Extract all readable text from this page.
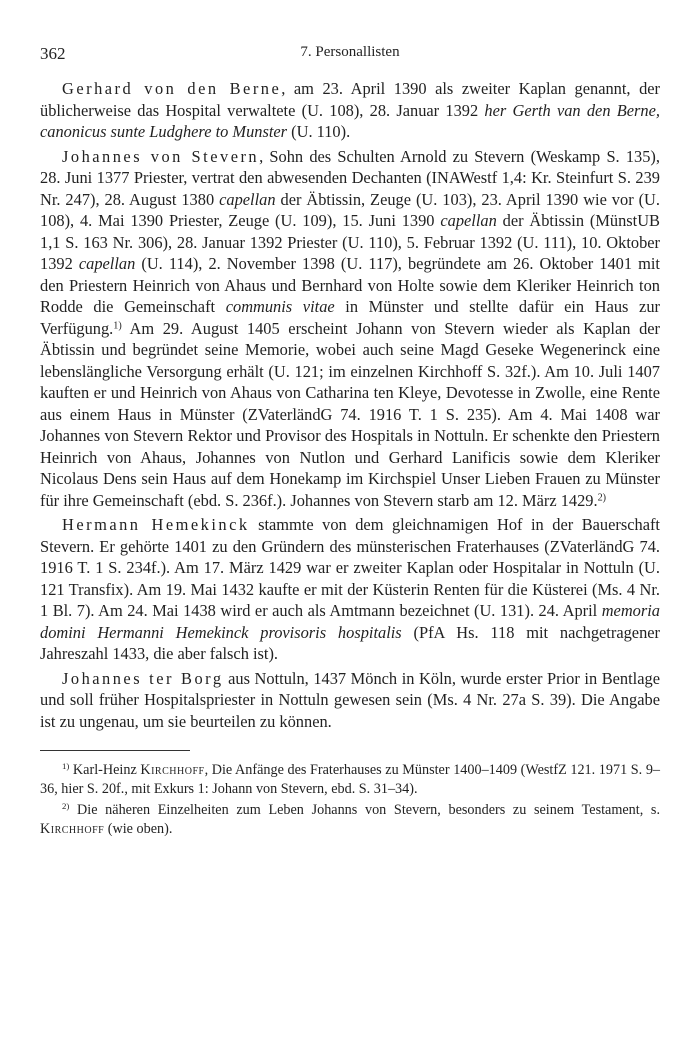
362	7. Personallisten

Gerhard von den Berne, am 23. April 1390 als zweiter Kaplan genannt, der üblicherweise das Hospital verwaltete (U. 108), 28. Januar 1392 her Gerth van den Berne, canonicus sunte Ludghere to Munster (U. 110).

Johannes von Stevern, Sohn des Schulten Arnold zu Stevern (Weskamp S. 135), 28. Juni 1377 Priester, vertrat den abwesenden Dechanten (INAWestf 1,4: Kr. Steinfurt S. 239 Nr. 247), 28. August 1380 capellan der Äbtissin, Zeuge (U. 103), 23. April 1390 wie vor (U. 108), 4. Mai 1390 Priester, Zeuge (U. 109), 15. Juni 1390 capellan der Äbtissin (MünstUB 1,1 S. 163 Nr. 306), 28. Januar 1392 Priester (U. 110), 5. Februar 1392 (U. 111), 10. Oktober 1392 capellan (U. 114), 2. November 1398 (U. 117), begründete am 26. Oktober 1401 mit den Priestern Heinrich von Ahaus und Bernhard von Holte sowie dem Kleriker Heinrich ton Rodde die Gemeinschaft communis vitae in Münster und stellte dafür ein Haus zur Verfügung.$^{1)}$ Am 29. August 1405 erscheint Johann von Stevern wieder als Kaplan der Äbtissin und begründet seine Memorie, wobei auch seine Magd Geseke Wegenerinck eine lebenslängliche Versorgung erhält (U. 121; im einzelnen Kirchhoff S. 32f.). Am 10. Juli 1407 kauften er und Heinrich von Ahaus von Catharina ten Kleye, Devotesse in Zwolle, eine Rente aus einem Haus in Münster (ZVaterländG 74. 1916 T. 1 S. 235). Am 4. Mai 1408 war Johannes von Stevern Rektor und Provisor des Hospitals in Nottuln. Er schenkte den Priestern Heinrich von Ahaus, Johannes von Nutlon und Gerhard Lanificis sowie dem Kleriker Nicolaus Dens sein Haus auf dem Honekamp im Kirchspiel Unser Lieben Frauen zu Münster für ihre Gemeinschaft (ebd. S. 236f.). Johannes von Stevern starb am 12. März 1429.$^{2)}$

Hermann Hemekinck stammte von dem gleichnamigen Hof in der Bauerschaft Stevern. Er gehörte 1401 zu den Gründern des münsterischen Fraterhauses (ZVaterländG 74. 1916 T. 1 S. 234f.). Am 17. März 1429 war er zweiter Kaplan oder Hospitalar in Nottuln (U. 121 Transfix). Am 19. Mai 1432 kaufte er mit der Küsterin Renten für die Küsterei (Ms. 4 Nr. 1 Bl. 7). Am 24. Mai 1438 wird er auch als Amtmann bezeichnet (U. 131). 24. April memoria domini Hermanni Hemekinck provisoris hospitalis (PfA Hs. 118 mit nachgetragener Jahreszahl 1433, die aber falsch ist).

Johannes ter Borg aus Nottuln, 1437 Mönch in Köln, wurde erster Prior in Bentlage und soll früher Hospitalspriester in Nottuln gewesen sein (Ms. 4 Nr. 27a S. 39). Die Angabe ist zu ungenau, um sie beurteilen zu können.

$^{1)}$ Karl-Heinz Kirchhoff, Die Anfänge des Fraterhauses zu Münster 1400–1409 (WestfZ 121. 1971 S. 9–36, hier S. 20f., mit Exkurs 1: Johann von Stevern, ebd. S. 31–34).

$^{2)}$ Die näheren Einzelheiten zum Leben Johanns von Stevern, besonders zu seinem Testament, s. Kirchhoff (wie oben).
